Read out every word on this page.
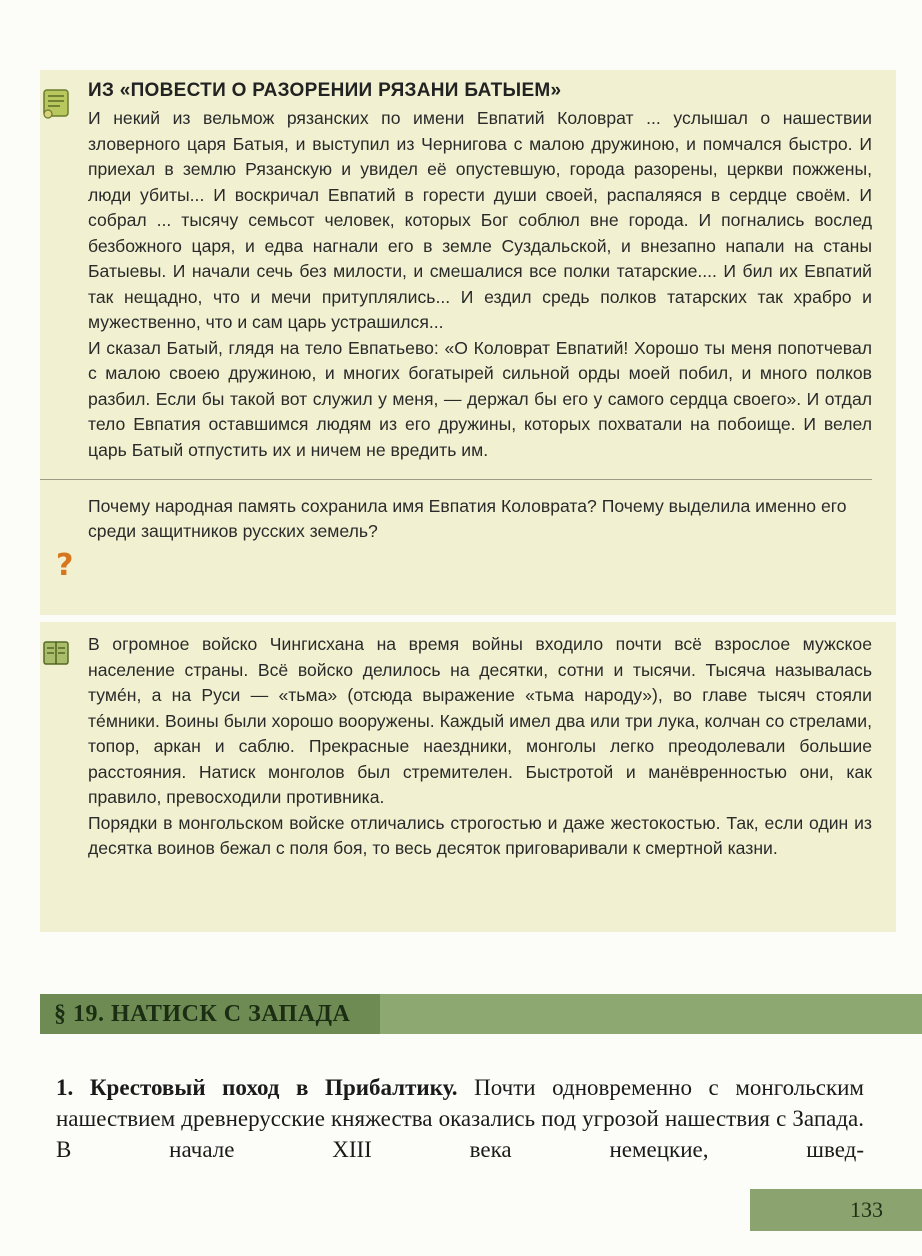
ИЗ «ПОВЕСТИ О РАЗОРЕНИИ РЯЗАНИ БАТЫЕМ»

И некий из вельмож рязанских по имени Евпатий Коловрат ... услышал о нашествии зловерного царя Батыя, и выступил из Чернигова с малою дружиною, и помчался быстро. И приехал в землю Рязанскую и увидел её опустевшую, города разорены, церкви пожжены, люди убиты... И воскричал Евпатий в горести души своей, распаляяся в сердце своём. И собрал ... тысячу семьсот человек, которых Бог соблюл вне города. И погнались вослед безбожного царя, и едва нагнали его в земле Суздальской, и внезапно напали на станы Батыевы. И начали сечь без милости, и смешалися все полки татарские.... И бил их Евпатий так нещадно, что и мечи притуплялись... И ездил средь полков татарских так храбро и мужественно, что и сам царь устрашился...

И сказал Батый, глядя на тело Евпатьево: «О Коловрат Евпатий! Хорошо ты меня попотчевал с малою своею дружиною, и многих богатырей сильной орды моей побил, и много полков разбил. Если бы такой вот служил у меня, — держал бы его у самого сердца своего». И отдал тело Евпатия оставшимся людям из его дружины, которых похватали на побоище. И велел царь Батый отпустить их и ничем не вредить им.

Почему народная память сохранила имя Евпатия Коловрата? Почему выделила именно его среди защитников русских земель?
?

В огромное войско Чингисхана на время войны входило почти всё взрослое мужское население страны. Всё войско делилось на десятки, сотни и тысячи. Тысяча называлась тумéн, а на Руси — «тьма» (отсюда выражение «тьма народу»), во главе тысяч стояли тéмники. Воины были хорошо вооружены. Каждый имел два или три лука, колчан со стрелами, топор, аркан и саблю. Прекрасные наездники, монголы легко преодолевали большие расстояния. Натиск монголов был стремителен. Быстротой и манёвренностью они, как правило, превосходили противника.

Порядки в монгольском войске отличались строгостью и даже жестокостью. Так, если один из десятка воинов бежал с поля боя, то весь десяток приговаривали к смертной казни.

§ 19. НАТИСК С ЗАПАДА
1. Крестовый поход в Прибалтику. Почти одновременно с монгольским нашествием древнерусские княжества оказались под угрозой нашествия с Запада. В начале XIII века немецкие, швед-
133
